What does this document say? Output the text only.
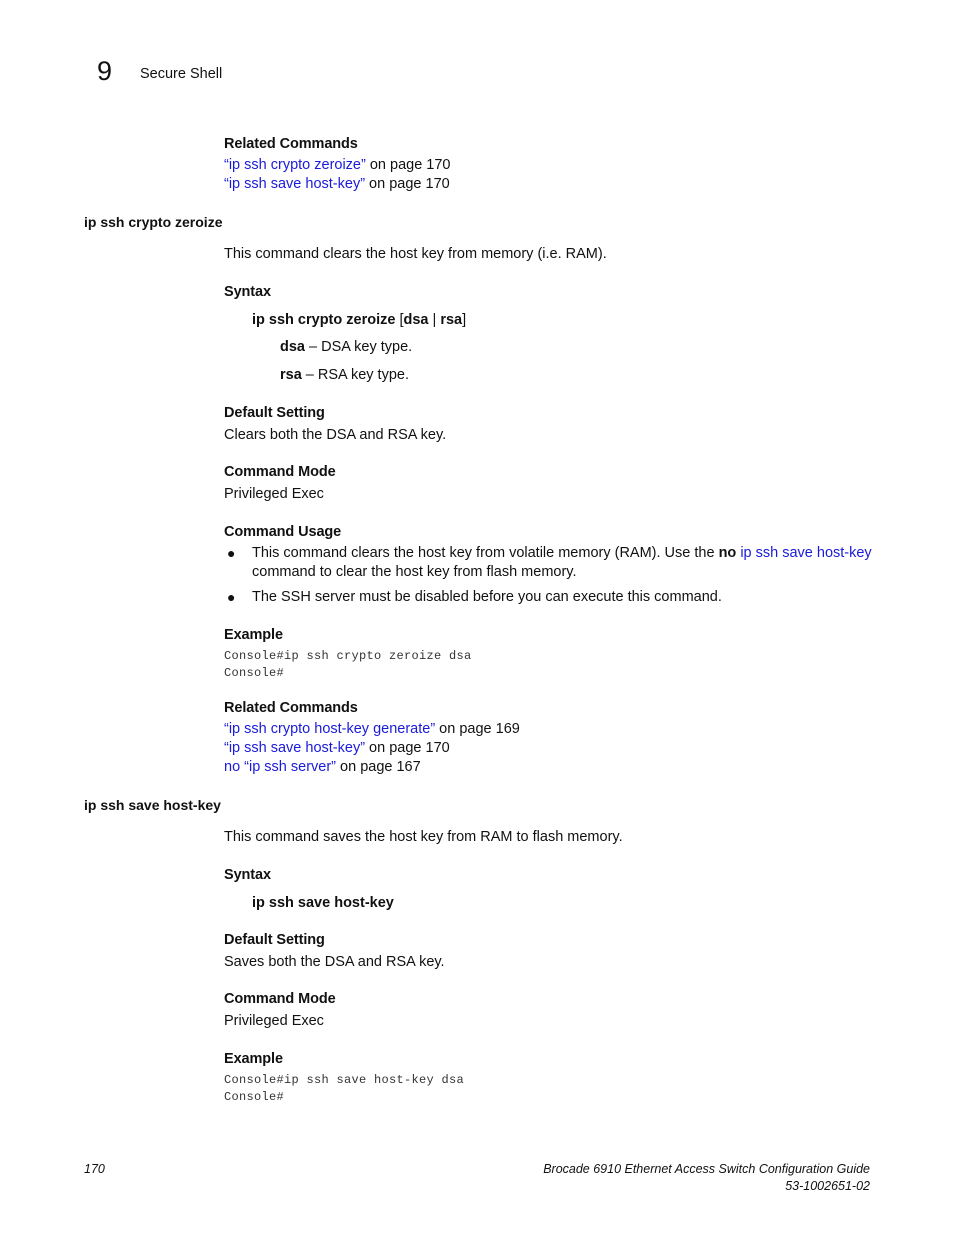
9 Secure Shell
Related Commands
“ip ssh crypto zeroize” on page 170
“ip ssh save host-key” on page 170
ip ssh crypto zeroize
This command clears the host key from memory (i.e. RAM).
Syntax
ip ssh crypto zeroize [dsa | rsa]
dsa – DSA key type.
rsa – RSA key type.
Default Setting
Clears both the DSA and RSA key.
Command Mode
Privileged Exec
Command Usage
● This command clears the host key from volatile memory (RAM). Use the no ip ssh save host-key
command to clear the host key from flash memory.
● The SSH server must be disabled before you can execute this command.
Example
Console#ip ssh crypto zeroize dsa
Console#
Related Commands
“ip ssh crypto host-key generate” on page 169
“ip ssh save host-key” on page 170
no “ip ssh server” on page 167
ip ssh save host-key
This command saves the host key from RAM to flash memory.
Syntax
ip ssh save host-key
Default Setting
Saves both the DSA and RSA key.
Command Mode
Privileged Exec
Example
Console#ip ssh save host-key dsa
Console#
170	Brocade 6910 Ethernet Access Switch Configuration Guide
53-1002651-02
